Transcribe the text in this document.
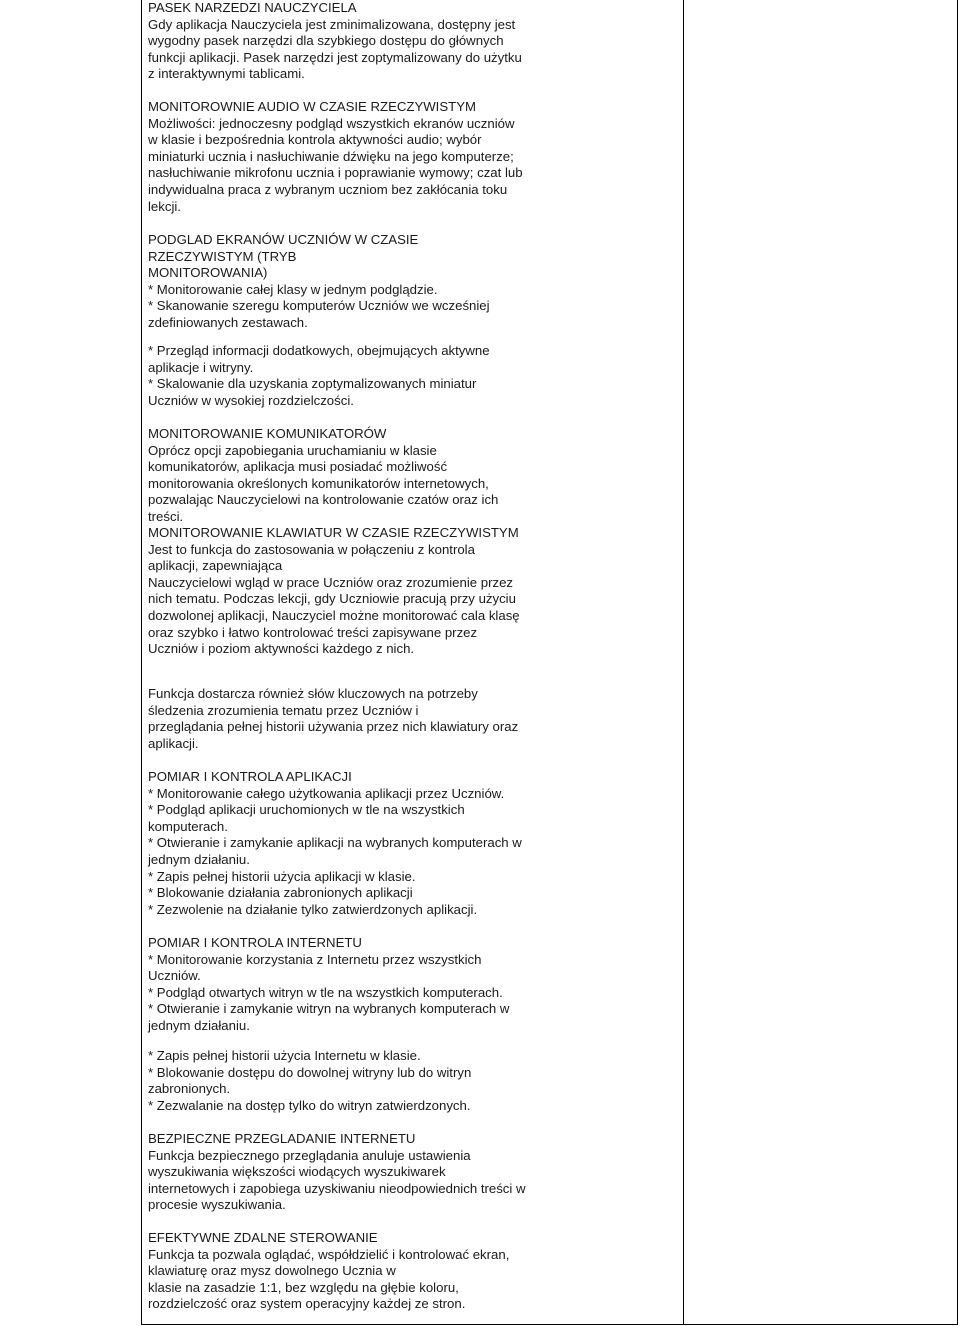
PASEK NARZEDZI NAUCZYCIELA

Gdy aplikacja Nauczyciela jest zminimalizowana, dostępny jest
wygodny pasek narzędzi dla szybkiego dostępu do głównych
funkcji aplikacji. Pasek narzędzi jest zoptymalizowany do użytku
z interaktywnymi tablicami.

MONITOROWNIE AUDIO W CZASIE RZECZYWISTYM

Możliwości: jednoczesny podgląd wszystkich ekranów uczniów
w klasie i bezpośrednia kontrola aktywności audio; wybór
miniaturki ucznia i nasłuchiwanie dźwięku na jego komputerze;
nasłuchiwanie mikrofonu ucznia i poprawianie wymowy; czat lub
indywidualna praca z wybranym uczniom bez zakłócania toku
lekcji.

PODGLAD EKRANÓW UCZNIÓW W CZASIE
RZECZYWISTYM (TRYB
MONITOROWANIA)

* Monitorowanie całej klasy w jednym podglądzie.
* Skanowanie szeregu komputerów Uczniów we wcześniej
zdefiniowanych zestawach.

* Przegląd informacji dodatkowych, obejmujących aktywne
aplikacje i witryny.
* Skalowanie dla uzyskania zoptymalizowanych miniatur
Uczniów w wysokiej rozdzielczości.

MONITOROWANIE KOMUNIKATORÓW

Oprócz opcji zapobiegania uruchamianiu w klasie
komunikatorów, aplikacja musi posiadać możliwość
monitorowania określonych komunikatorów internetowych,
pozwalając Nauczycielowi na kontrolowanie czatów oraz ich
treści.

MONITOROWANIE KLAWIATUR W CZASIE RZECZYWISTYM

Jest to funkcja do zastosowania w połączeniu z kontrola
aplikacji, zapewniająca
Nauczycielowi wgląd w prace Uczniów oraz zrozumienie przez
nich tematu. Podczas lekcji, gdy Uczniowie pracują przy użyciu
dozwolonej aplikacji, Nauczyciel możne monitorować cala klasę
oraz szybko i łatwo kontrolować treści zapisywane przez
Uczniów i poziom aktywności każdego z nich.

Funkcja dostarcza również słów kluczowych na potrzeby
śledzenia zrozumienia tematu przez Uczniów i
przeglądania pełnej historii używania przez nich klawiatury oraz
aplikacji.

POMIAR I KONTROLA APLIKACJI

* Monitorowanie całego użytkowania aplikacji przez Uczniów.
* Podgląd aplikacji uruchomionych w tle na wszystkich
komputerach.
* Otwieranie i zamykanie aplikacji na wybranych komputerach w
jednym działaniu.
* Zapis pełnej historii użycia aplikacji w klasie.
* Blokowanie działania zabronionych aplikacji
* Zezwolenie na działanie tylko zatwierdzonych aplikacji.

POMIAR I KONTROLA INTERNETU

* Monitorowanie korzystania z Internetu przez wszystkich
Uczniów.
* Podgląd otwartych witryn w tle na wszystkich komputerach.
* Otwieranie i zamykanie witryn na wybranych komputerach w
jednym działaniu.

* Zapis pełnej historii użycia Internetu w klasie.
* Blokowanie dostępu do dowolnej witryny lub do witryn
zabronionych.
* Zezwalanie na dostęp tylko do witryn zatwierdzonych.

BEZPIECZNE PRZEGLADANIE INTERNETU

Funkcja bezpiecznego przeglądania anuluje ustawienia
wyszukiwania większości wiodących wyszukiwarek
internetowych i zapobiega uzyskiwaniu nieodpowiednich treści w
procesie wyszukiwania.

EFEKTYWNE ZDALNE STEROWANIE

Funkcja ta pozwala oglądać, współdzielić i kontrolować ekran,
klawiaturę oraz mysz dowolnego Ucznia w
klasie na zasadzie 1:1, bez względu na głębie koloru,
rozdzielczość oraz system operacyjny każdej ze stron.
